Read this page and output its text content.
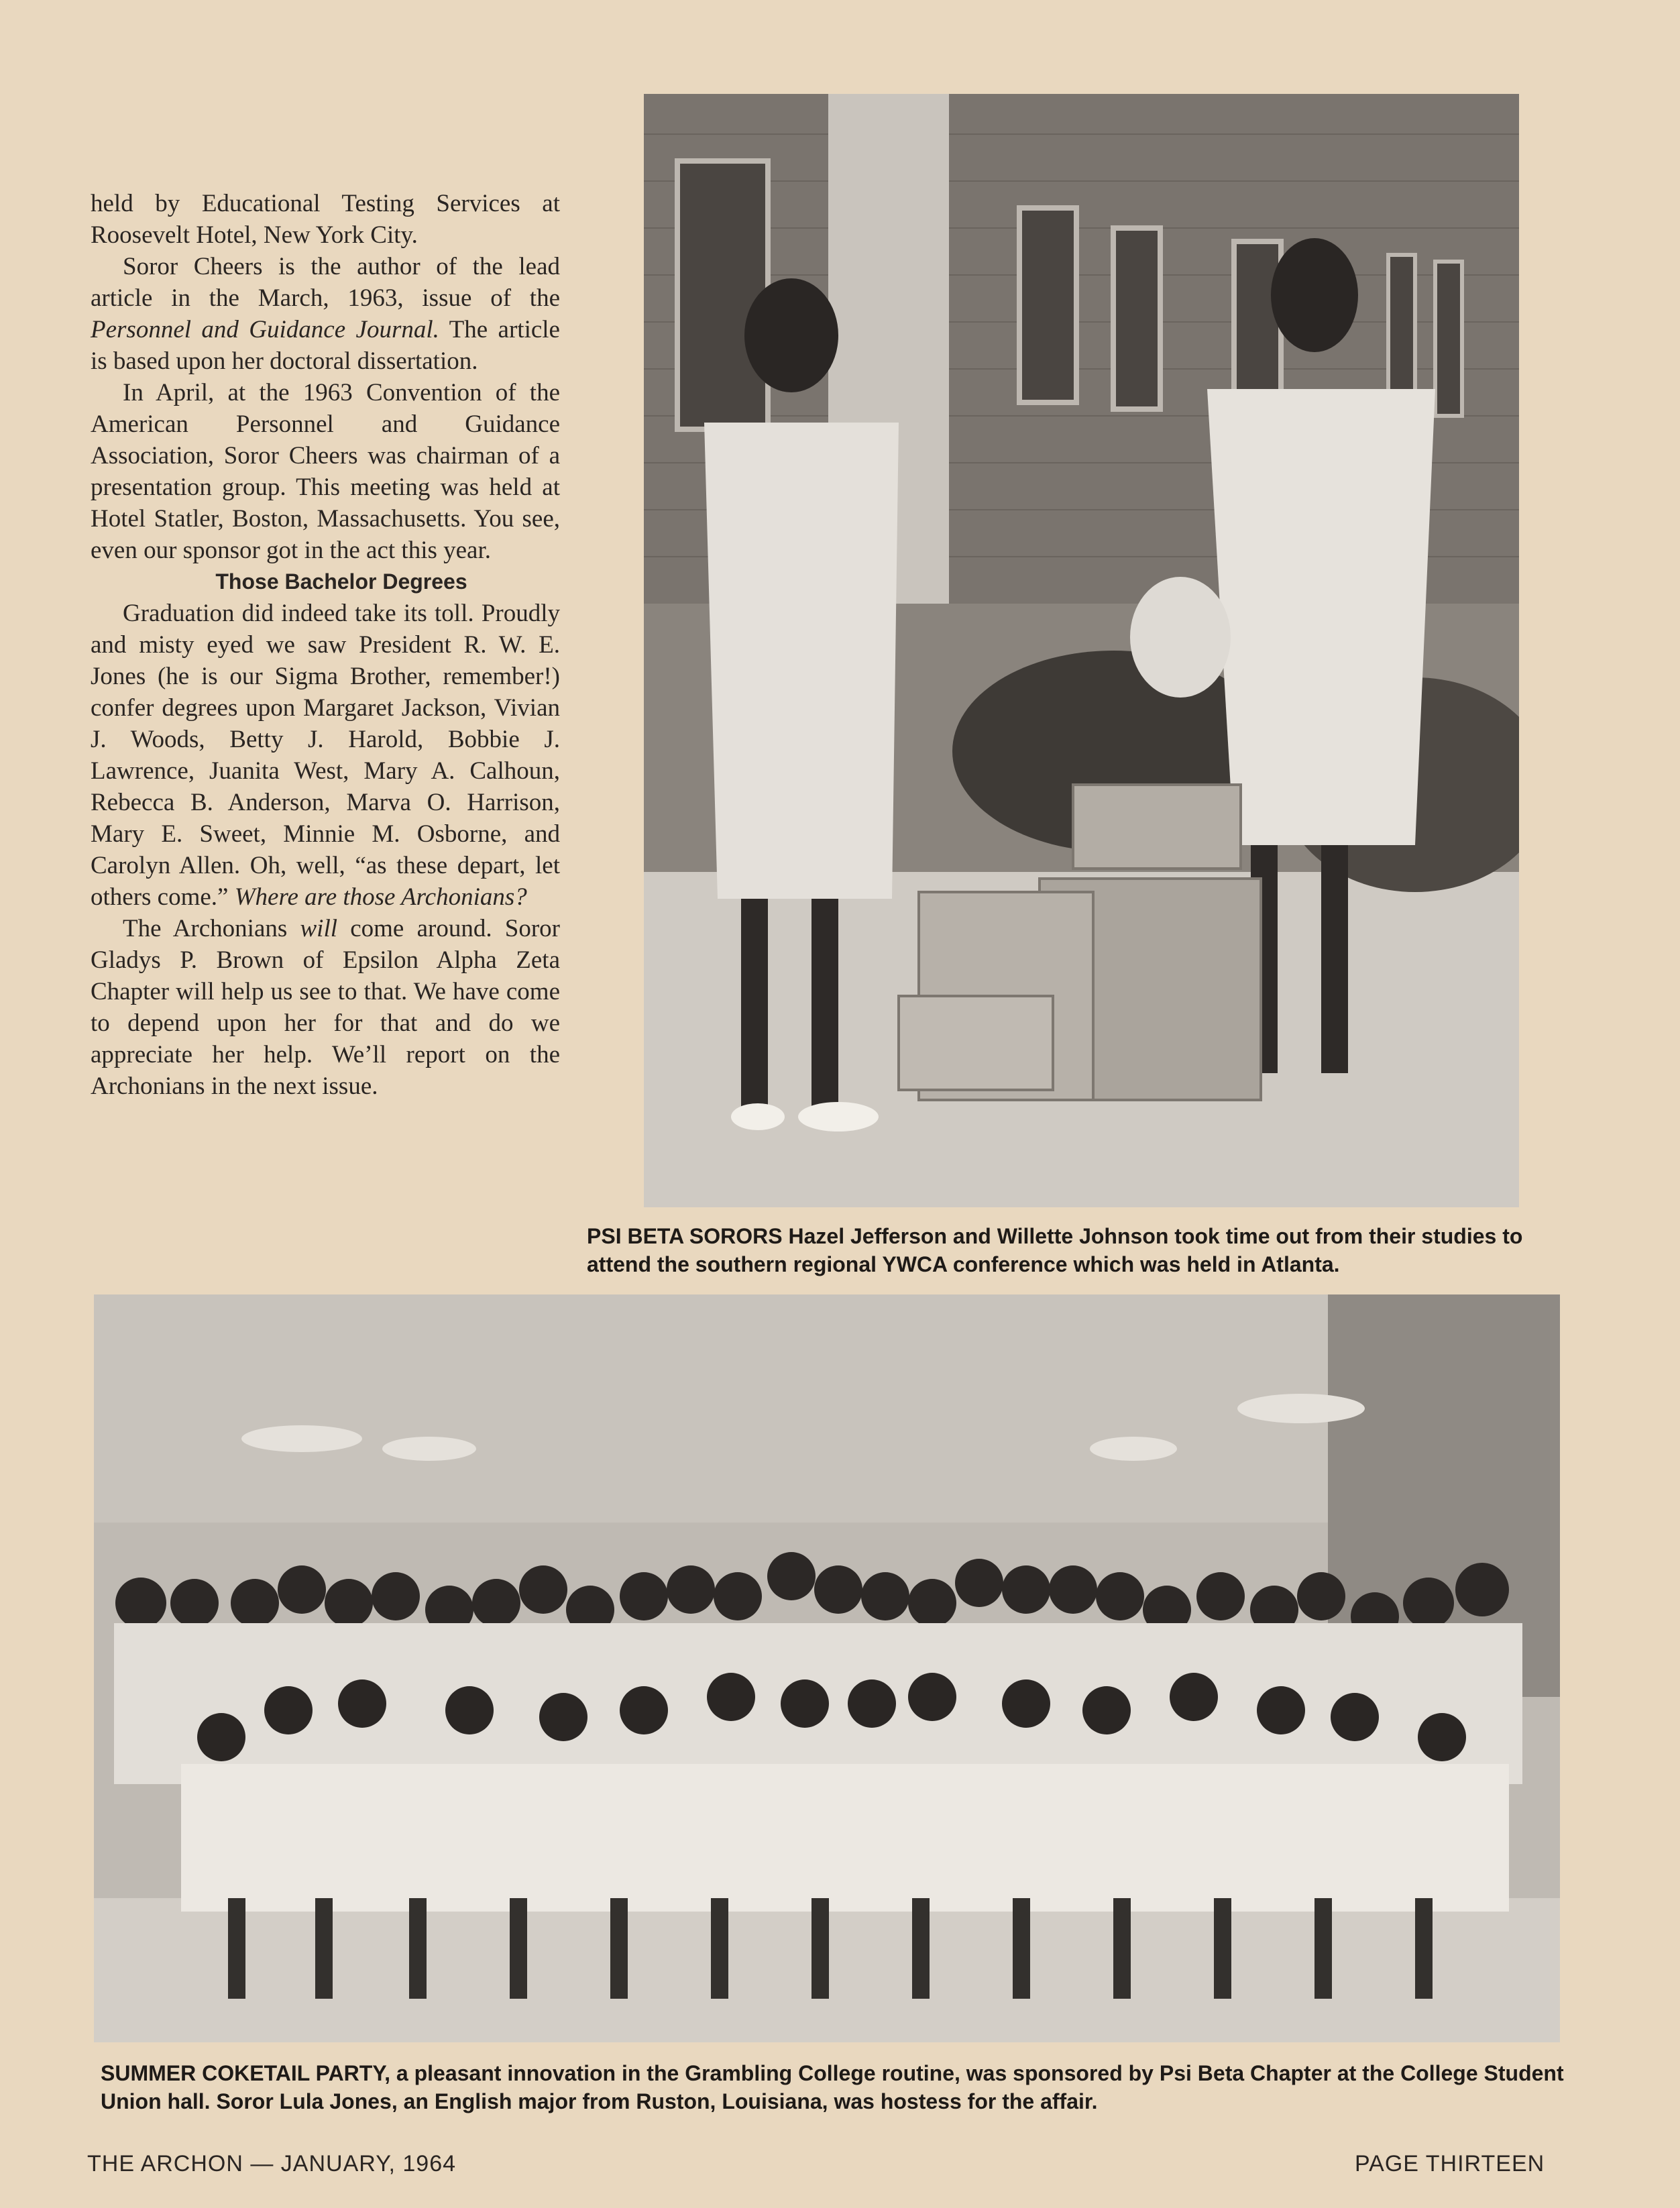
held by Educational Testing Services at Roosevelt Hotel, New York City.

Soror Cheers is the author of the lead article in the March, 1963, issue of the Personnel and Guidance Journal. The article is based upon her doctoral dissertation.

In April, at the 1963 Convention of the American Personnel and Guidance Association, Soror Cheers was chairman of a presentation group. This meeting was held at Hotel Statler, Boston, Massachusetts. You see, even our sponsor got in the act this year.

Those Bachelor Degrees

Graduation did indeed take its toll. Proudly and misty eyed we saw President R. W. E. Jones (he is our Sigma Brother, remember!) confer degrees upon Margaret Jackson, Vivian J. Woods, Betty J. Harold, Bobbie J. Lawrence, Juanita West, Mary A. Calhoun, Rebecca B. Anderson, Marva O. Harrison, Mary E. Sweet, Minnie M. Osborne, and Carolyn Allen. Oh, well, “as these depart, let others come.” Where are those Archonians?

The Archonians will come around. Soror Gladys P. Brown of Epsilon Alpha Zeta Chapter will help us see to that. We have come to depend upon her for that and do we appreciate her help. We’ll report on the Archonians in the next issue.

PSI BETA SORORS Hazel Jefferson and Willette Johnson took time out from their studies to attend the southern regional YWCA conference which was held in Atlanta.
SUMMER COKETAIL PARTY, a pleasant innovation in the Grambling College routine, was sponsored by Psi Beta Chapter at the College Student Union hall. Soror Lula Jones, an English major from Ruston, Louisiana, was hostess for the affair.
THE ARCHON — JANUARY, 1964	PAGE THIRTEEN
